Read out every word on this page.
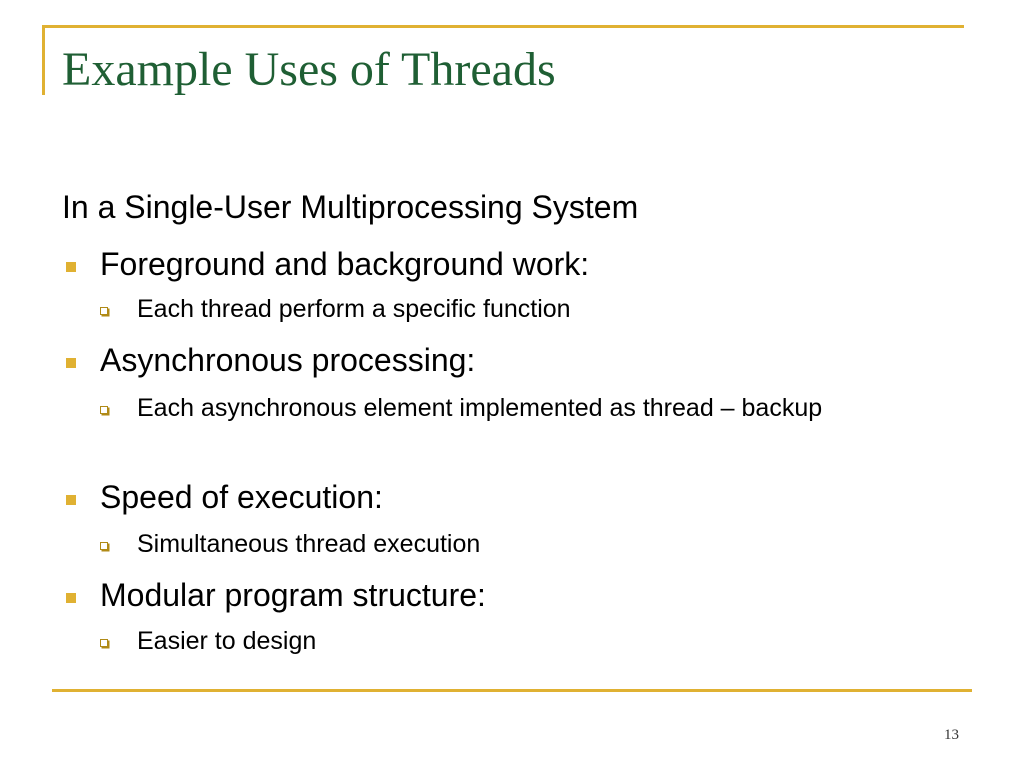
Example Uses of Threads

In a Single-User Multiprocessing System

Foreground and background work:
Each thread perform a specific function
Asynchronous processing:
Each asynchronous element implemented as thread – backup
Speed of execution:
Simultaneous thread execution
Modular program structure:
Easier to design
13
